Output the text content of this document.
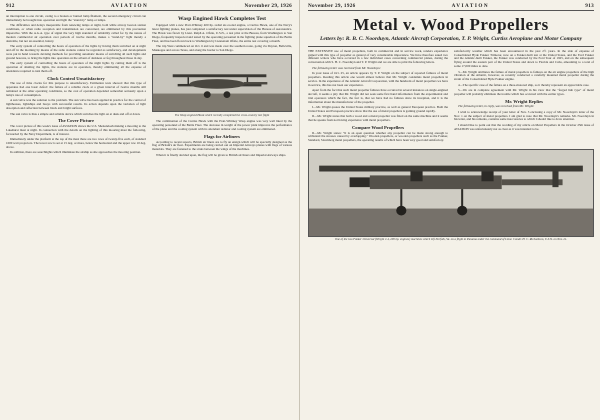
912	AVIATION	November 29, 1926

an interruption to one circuit, owing to a broken or burned lamp filament, the second emergency circuit can immediately be brought into operation and light the "stand-by" lamp or lamps.

The difficulties and delays inseparable from renewing lamps at night, both while airway beacon station conditions, or when radio reception and transmission are concerned, are eliminated by this precaution imperative. With the A.G.A. type of signal the very high standard of reliability called for by the nature of modern commercial air operation over periods of twelve months, makes a "stand-by" light merely a desirable, but not an essential, luxury.

The early system of controlling the hours of operation of the lights by having them switched on at night and off in the morning by means of the radio stations cannot be regarded as satisfactory, and developments were put in hand towards devising methods for providing automatic means of switching all such lights and ground beacons, to bring the lights into operation on the advent of darkness or fog throughout those in day.

The early system of controlling the hours of operation of the night lights by cutting them off is the operation of shutting the lights, the stations are in operation, thereby eliminating all the expense of attendance required to turn them off.

Clock Control Unsatisfactory

The use of time clocks for this purpose is unsatisfactory. Estimation tests showed that this type of apparatus had one basic defect: the failure of a reliable clock at a given interval of twelve months still remained at the other operating conditions, so the cost of operation depended somewhat seriously upon a lamp's rate of consumption.

A sun valve was the solution to the problem. The sun valve has been applied in practice for the control of lighthouses, lightships and buoys with successful results. Its action depends upon the variation of light absorption and reflection between black and bright surfaces.

The sun valve is thus a simple and reliable device which switches the light on at dusk and off at dawn.

The Cover Picture

The cover picture of this week's issue of AVIATION shows the U.S. Shenandoah making a mooring to the Lakehurst mast at night. In connection with the details on the lighting of this mooring mast the following, forwarded by the Navy Department, is of interest.

Immediately under the platform at the top of the mast there are two rows of twenty-five each, of standard 1000 watt projectors. The lower row is set at 15 deg. or more, below the horizontal and the upper row 10 deg. above.

In addition, there are searchlights which illuminate the airship as she approaches the mooring position.

Wasp Engined Hawk Completes Test

Equipped with a new Pratt-Whitney 400 hp. radial air-cooled engine, a Curtiss Hawk, one of the Navy's latest fighting planes, has just completed a satisfactory test under supervision of the Bureau of Aeronautics. The Hawk was flown by Lieut. Ralph A. Ofstie, U.S.N., a test pilot at the Bureau, from Washington to San Diego, frequently inspected and tested by the operating personnel in the fighting plane squadron of the Battle Fleet, and has been flown back to Washington by Lieutenant Ofstie, the entire test covering a month.

The trip West commenced on Oct. 6 and was made over the southern route, going via Dayton, Belleville, Muskogee and across Texas, and along the border to San Diego.

The Wasp engined Hawk which recently completed the cross-country test flight

The combination of the Curtiss Hawk with the Pratt-Whitney Wasp engine was very well liked by the operating personnel of the Battle Fleet. The decrease in weight of the power plant improves the performance of the plane and the cooling system with its attendant radiator and cooling system are eliminated.

Flags for Airliners

According to recent reports, British air liners are to fly an ensign which will be specially designed as the flag of Britain's air fleet. Experiments are being carried out on Imperial Airways planes with flags of various materials. They are fastened to the struts between the wings of the machines.

When it is finally decided upon, the flag will be given to British air liners and Imperial Airways ships.

November 29, 1926	AVIATION	913
Metal v. Wood Propellers
Letters by: R. B. C. Noorduyn, Atlantic Aircraft Corporation, T. P. Wright, Curtiss Aeroplane and Motor Company

THE EXTENSIVE use of metal propellers, both in commercial and in service work, renders experience gained with this type of propeller as general of very considerable importance. We have therefore asked two different writers who have occurred in a few individual cases concerning commercial planes, during the conversation with S. H. C. Noorduyn and T. P. Wright and we are able to print the following letters.

The following letter was received from Mr. Noorduyn:

In your issue of Oct. 25, an article appears by T. P. Wright on the subject of reported failures of metal propellers. Reading this article one would almost believe that Mr. Wright condemns metal propellers in service. In the experience of the Atlantic Aircraft Corporation, with the hundreds of metal propellers we have in service, this has not been our experience.

Apart from the fact that such metal propeller failures have occurred in several instances on single-engined aircraft, it seems a pity that Mr. Wright did not seek some first hand information from the experimental and trial operators which the fact, the fact is, that we have had no failures since its inception, and it is the information about the manufacturer of the propeller.

I—Mr. Wright quotes the United States military practice, as well as general European practice. Both the United States and European practice show that the use of metal propellers is gaining ground rapidly.

II—Mr. Wright states that both a wood and a metal propeller was fitted on the same machine and it seems that he speaks from not having experience with metal propellers.

Compare Wood Propellers

II—Mr. Wright states: "It is an open question whether any propeller can be made strong enough to withstand the stresses caused by overlapping." Wooden propellers, or wooden propellers such as the Fokker, Standard, Stromberg metal propellers, the operating results of which have been very good and satisfactory.

satisfactorily weather which has been encountered in the past 2½ years. In the side of expense of Consolidated Hyde Fokker Trimotor, now on a Fokker-built test at the United States, and the Ford Fokker and the Atlantic-built Fokker, the Fokker was conducted by the Ford Tour of 1925, and on the subsequent flying around the eastern part of the United States and down to Florida and Cuba, amounting to a total of some 17,000 miles to date.

3—Mr. Wright attributes the failure of metal propellers to failures on the air engine propellers of the high vibration of the Atlantic, however, as recently conducted a carefully mounted metal propeller during the strain of the Consolidated Hyde Fokker engine.

4—The specific case of the failure on a three-motored ship, so it thereby represent an appreciable case.

5—We are in complete agreement with Mr. Wright in his view that the "forged hub type" of metal propeller will probably eliminate the trouble which has occurred with the earlier types.

Mr. Wright Replies

The following letter, in reply, was received from Mr. Wright:

I wish to acknowledge receipt of your letter of Nov. 3 enclosing a copy of Mr. Noorduyn's letter of the Nov. 1 on the subject of metal propellers. I am glad to note that Mr. Noorduyn's remarks. Mr. Noorduyn in his letter, and his remarks, contains some inaccuracies to which I should like to draw attention.

I should like to point out that the wording of my article on Metal Propellers in the October 25th issue of AVIATION was unfortunately not as clear as it was intended to be.

One of the two Fokker Universal (Wright J-4, 200 hp. engines) machines which left Norfolk, Va. on a flight to Panama under the command of Lieut. Comdr. H. C. Richardson, U.S.N. on Nov. 21.
